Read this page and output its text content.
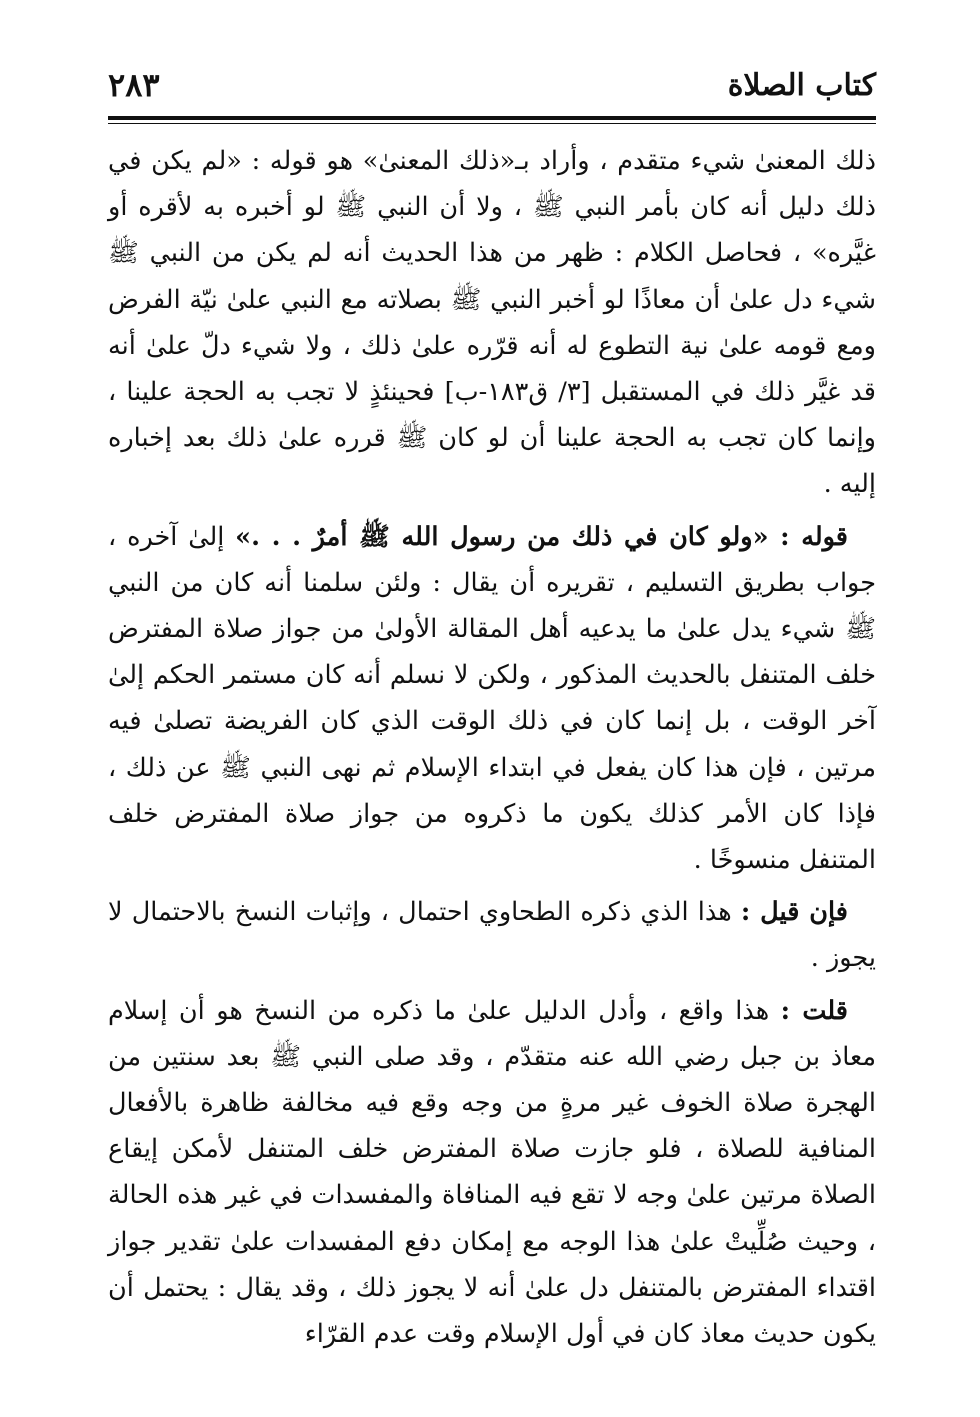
كتاب الصلاة
٢٨٣

ذلك المعنىٰ شيء متقدم ، وأراد بـ«ذلك المعنىٰ» هو قوله : «لم يكن في ذلك دليل أنه كان بأمر النبي ﷺ ، ولا أن النبي ﷺ لو أخبره به لأقره أو غيَّره» ، فحاصل الكلام : ظهر من هذا الحديث أنه لم يكن من النبي ﷺ شيء دل علىٰ أن معاذًا لو أخبر النبي ﷺ بصلاته مع النبي علىٰ نيّة الفرض ومع قومه علىٰ نية التطوع له أنه قرّره علىٰ ذلك ، ولا شيء دلّ علىٰ أنه قد غيَّر ذلك في المستقبل [٣/ ق١٨٣-ب] فحينئذٍ لا تجب به الحجة علينا ، وإنما كان تجب به الحجة علينا أن لو كان ﷺ قرره علىٰ ذلك بعد إخباره إليه .

قوله : «ولو كان في ذلك من رسول الله ﷺ أمرٌ . . .» إلىٰ آخره ، جواب بطريق التسليم ، تقريره أن يقال : ولئن سلمنا أنه كان من النبي ﷺ شيء يدل علىٰ ما يدعيه أهل المقالة الأولىٰ من جواز صلاة المفترض خلف المتنفل بالحديث المذكور ، ولكن لا نسلم أنه كان مستمر الحكم إلىٰ آخر الوقت ، بل إنما كان في ذلك الوقت الذي كان الفريضة تصلىٰ فيه مرتين ، فإن هذا كان يفعل في ابتداء الإسلام ثم نهى النبي ﷺ عن ذلك ، فإذا كان الأمر كذلك يكون ما ذكروه من جواز صلاة المفترض خلف المتنفل منسوخًا .

فإن قيل : هذا الذي ذكره الطحاوي احتمال ، وإثبات النسخ بالاحتمال لا يجوز .

قلت : هذا واقع ، وأدل الدليل علىٰ ما ذكره من النسخ هو أن إسلام معاذ بن جبل رضي الله عنه متقدّم ، وقد صلى النبي ﷺ بعد سنتين من الهجرة صلاة الخوف غير مرةٍ من وجه وقع فيه مخالفة ظاهرة بالأفعال المنافية للصلاة ، فلو جازت صلاة المفترض خلف المتنفل لأمكن إيقاع الصلاة مرتين علىٰ وجه لا تقع فيه المنافاة والمفسدات في غير هذه الحالة ، وحيث صُلِّيتْ علىٰ هذا الوجه مع إمكان دفع المفسدات علىٰ تقدير جواز اقتداء المفترض بالمتنفل دل علىٰ أنه لا يجوز ذلك ، وقد يقال : يحتمل أن يكون حديث معاذ كان في أول الإسلام وقت عدم القرّاء
